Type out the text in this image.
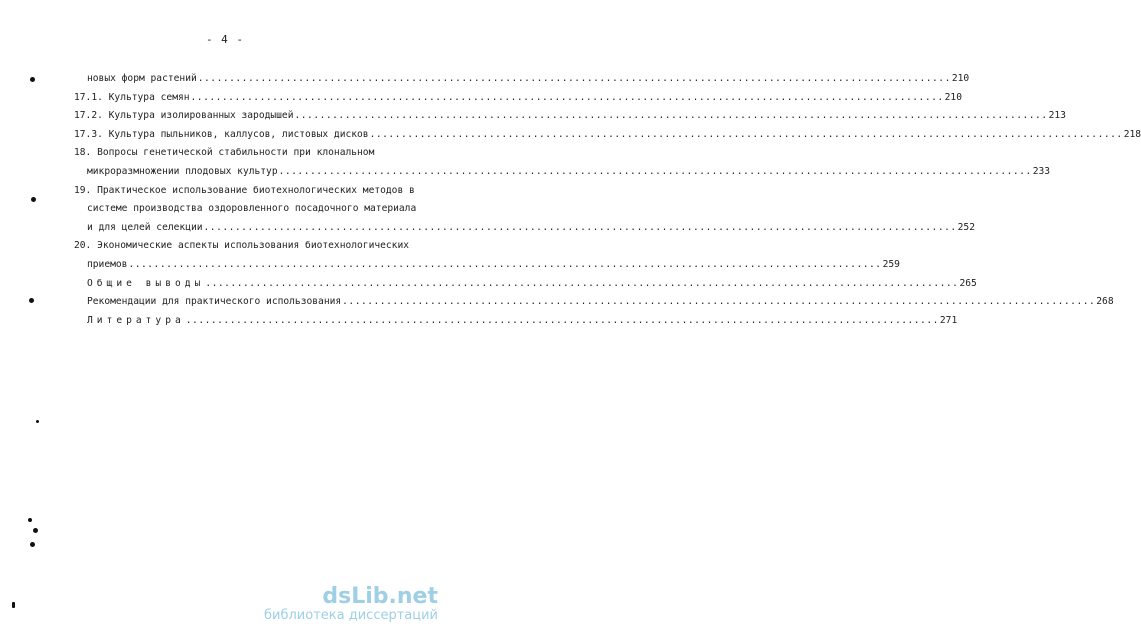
- 4 -
новых форм растений ........................................................................................................................ 210
17.1. Культура семян ........................................................................................................................ 210
17.2. Культура изолированных зародышей ........................................................................................................................ 213
17.3. Культура пыльников, каллусов, листовых дисков ........................................................................................................................ 218
18. Вопросы генетической стабильности при клональном
микроразмножении плодовых культур ........................................................................................................................ 233
19. Практическое использование биотехнологических методов в
системе производства оздоровленного посадочного материала
и для целей селекции ........................................................................................................................ 252
20. Экономические аспекты использования биотехнологических
приемов ........................................................................................................................ 259
Общие выводы ........................................................................................................................ 265
Рекомендации для практического использования ........................................................................................................................ 268
Литература ........................................................................................................................ 271
dsLib.net
библиотека диссертаций
